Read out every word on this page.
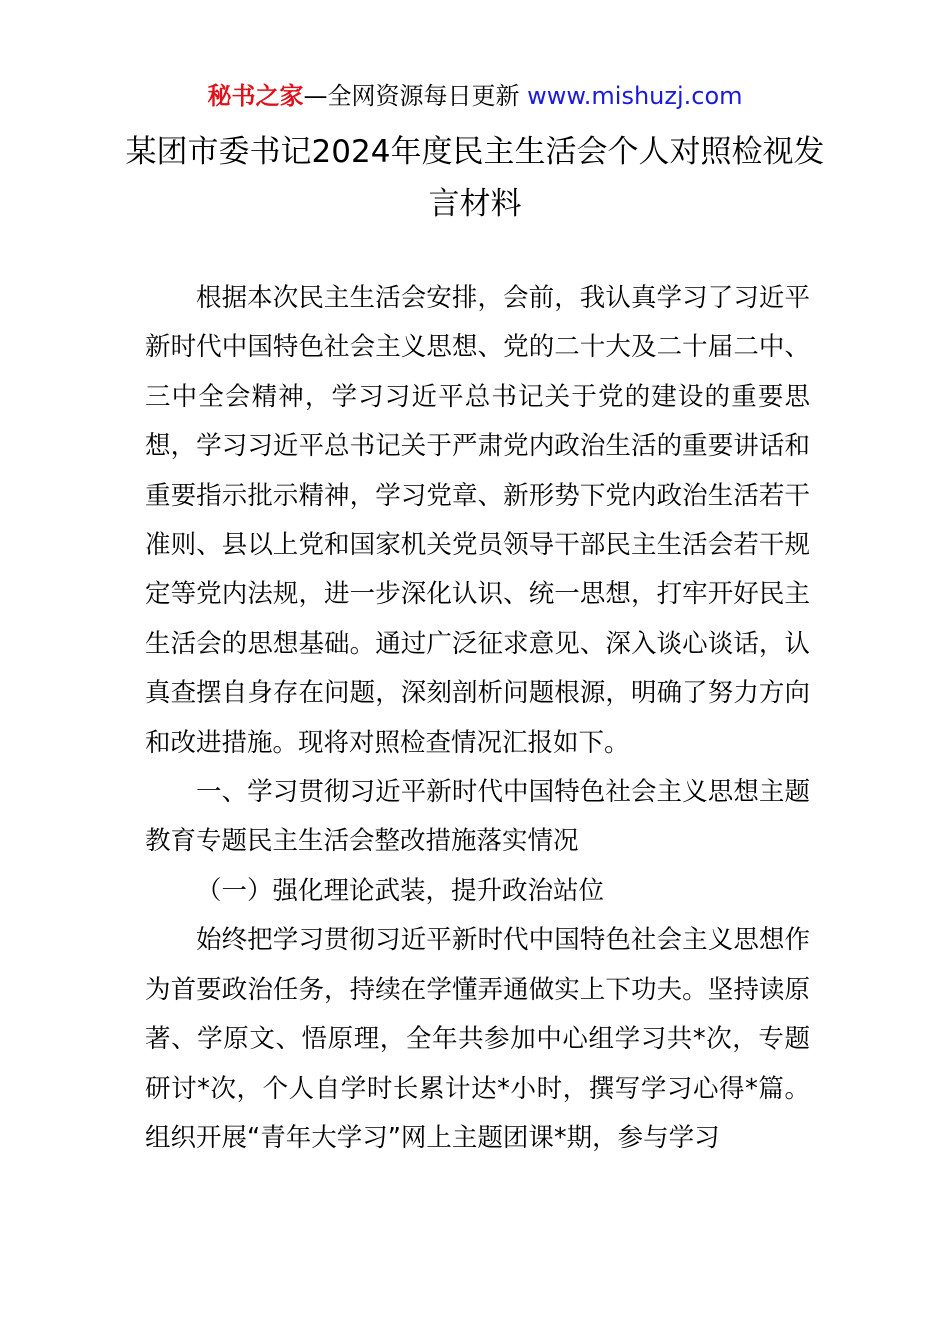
秘书之家—全网资源每日更新 www.mishuzj.com
某团市委书记2024年度民主生活会个人对照检视发言材料

根据本次民主生活会安排，会前，我认真学习了习近平新时代中国特色社会主义思想、党的二十大及二十届二中、三中全会精神，学习习近平总书记关于党的建设的重要思想，学习习近平总书记关于严肃党内政治生活的重要讲话和重要指示批示精神，学习党章、新形势下党内政治生活若干准则、县以上党和国家机关党员领导干部民主生活会若干规定等党内法规，进一步深化认识、统一思想，打牢开好民主生活会的思想基础。通过广泛征求意见、深入谈心谈话，认真查摆自身存在问题，深刻剖析问题根源，明确了努力方向和改进措施。现将对照检查情况汇报如下。

一、学习贯彻习近平新时代中国特色社会主义思想主题教育专题民主生活会整改措施落实情况

（一）强化理论武装，提升政治站位

始终把学习贯彻习近平新时代中国特色社会主义思想作为首要政治任务，持续在学懂弄通做实上下功夫。坚持读原著、学原文、悟原理，全年共参加中心组学习共*次，专题研讨*次，个人自学时长累计达*小时，撰写学习心得*篇。组织开展“青年大学习”网上主题团课*期，参与学习
